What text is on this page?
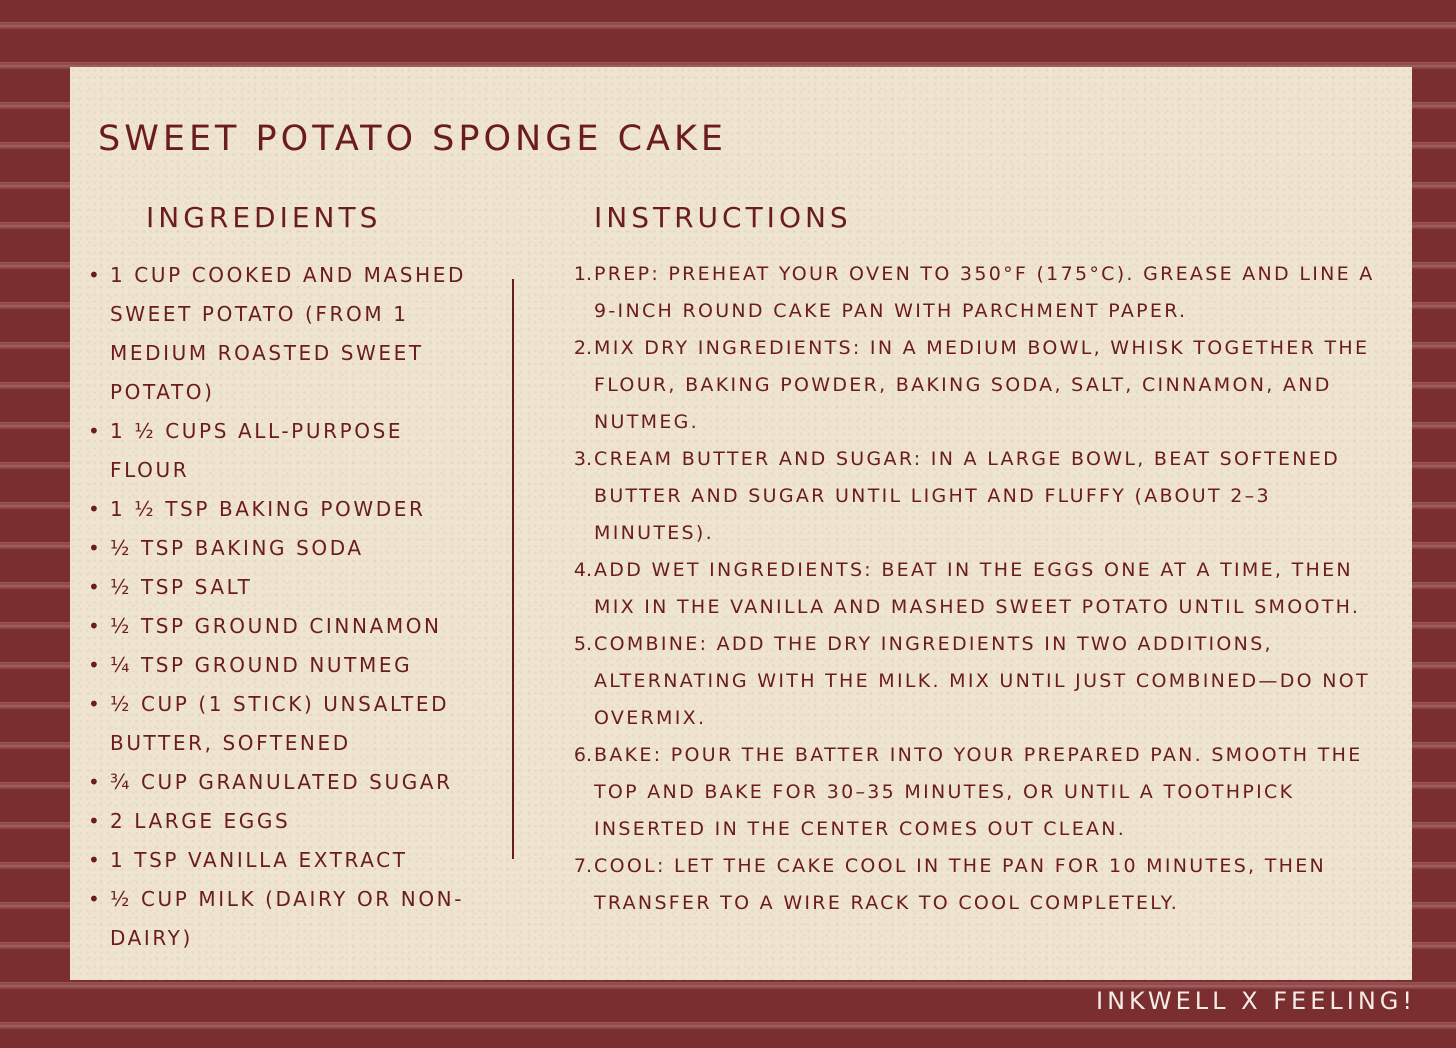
SWEET POTATO SPONGE CAKE
INGREDIENTS	INSTRUCTIONS
• 1 CUP COOKED AND MASHED SWEET POTATO (FROM 1 MEDIUM ROASTED SWEET POTATO)
• 1 ½ CUPS ALL-PURPOSE FLOUR
• 1 ½ TSP BAKING POWDER
• ½ TSP BAKING SODA
• ½ TSP SALT
• ½ TSP GROUND CINNAMON
• ¼ TSP GROUND NUTMEG
• ½ CUP (1 STICK) UNSALTED BUTTER, SOFTENED
• ¾ CUP GRANULATED SUGAR
• 2 LARGE EGGS
• 1 TSP VANILLA EXTRACT
• ½ CUP MILK (DAIRY OR NON-DAIRY)
1. PREP: PREHEAT YOUR OVEN TO 350°F (175°C). GREASE AND LINE A 9-INCH ROUND CAKE PAN WITH PARCHMENT PAPER.
2. MIX DRY INGREDIENTS: IN A MEDIUM BOWL, WHISK TOGETHER THE FLOUR, BAKING POWDER, BAKING SODA, SALT, CINNAMON, AND NUTMEG.
3. CREAM BUTTER AND SUGAR: IN A LARGE BOWL, BEAT SOFTENED BUTTER AND SUGAR UNTIL LIGHT AND FLUFFY (ABOUT 2–3 MINUTES).
4. ADD WET INGREDIENTS: BEAT IN THE EGGS ONE AT A TIME, THEN MIX IN THE VANILLA AND MASHED SWEET POTATO UNTIL SMOOTH.
5. COMBINE: ADD THE DRY INGREDIENTS IN TWO ADDITIONS, ALTERNATING WITH THE MILK. MIX UNTIL JUST COMBINED—DO NOT OVERMIX.
6. BAKE: POUR THE BATTER INTO YOUR PREPARED PAN. SMOOTH THE TOP AND BAKE FOR 30–35 MINUTES, OR UNTIL A TOOTHPICK INSERTED IN THE CENTER COMES OUT CLEAN.
7. COOL: LET THE CAKE COOL IN THE PAN FOR 10 MINUTES, THEN TRANSFER TO A WIRE RACK TO COOL COMPLETELY.
INKWELL X FEELING!
